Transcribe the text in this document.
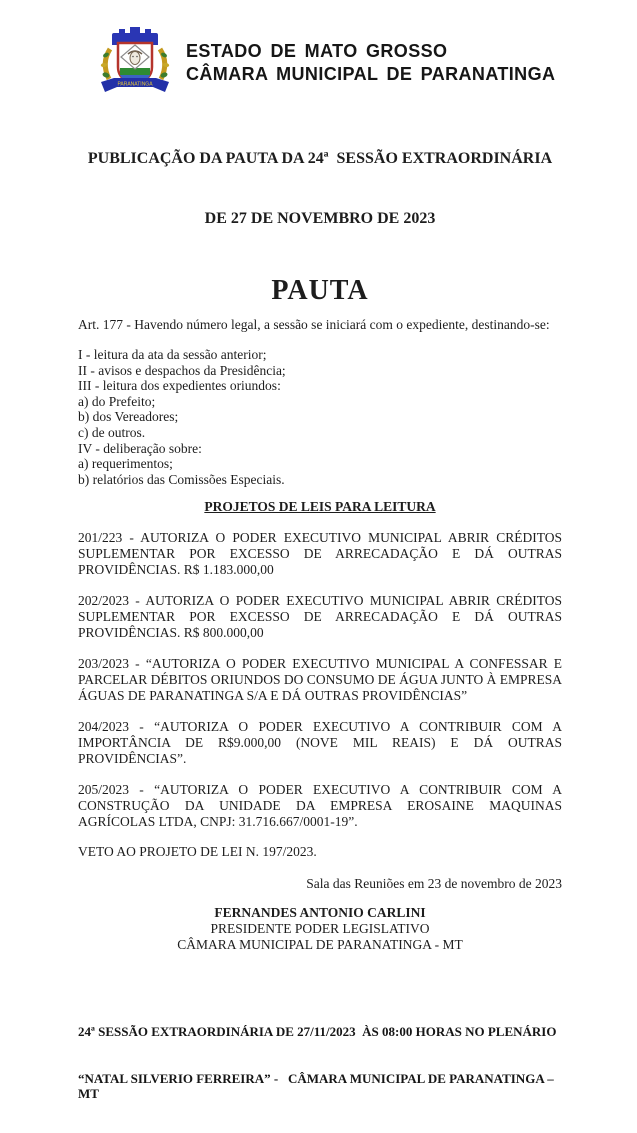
PARANATINGA
ESTADO DE MATO GROSSO
CÂMARA MUNICIPAL DE PARANATINGA

PUBLICAÇÃO DA PAUTA DA 24ª  SESSÃO EXTRAORDINÁRIA

DE 27 DE NOVEMBRO DE 2023

PAUTA

Art. 177 - Havendo número legal, a sessão se iniciará com o expediente, destinando-se:

I - leitura da ata da sessão anterior;
II - avisos e despachos da Presidência;
III - leitura dos expedientes oriundos:
a) do Prefeito;
b) dos Vereadores;
c) de outros.
IV - deliberação sobre:
a) requerimentos;
b) relatórios das Comissões Especiais.
PROJETOS DE LEIS PARA LEITURA

201/223 - AUTORIZA O PODER EXECUTIVO MUNICIPAL ABRIR CRÉDITOS SUPLEMENTAR POR EXCESSO DE ARRECADAÇÃO E DÁ OUTRAS PROVIDÊNCIAS. R$ 1.183.000,00

202/2023 - AUTORIZA O PODER EXECUTIVO MUNICIPAL ABRIR CRÉDITOS SUPLEMENTAR POR EXCESSO DE ARRECADAÇÃO E DÁ OUTRAS PROVIDÊNCIAS. R$ 800.000,00

203/2023 - “AUTORIZA O PODER EXECUTIVO MUNICIPAL A CONFESSAR E PARCELAR DÉBITOS ORIUNDOS DO CONSUMO DE ÁGUA JUNTO À EMPRESA ÁGUAS DE PARANATINGA S/A E DÁ OUTRAS PROVIDÊNCIAS”

204/2023 - “AUTORIZA O PODER EXECUTIVO A CONTRIBUIR COM A IMPORTÂNCIA DE R$9.000,00 (NOVE MIL REAIS) E DÁ OUTRAS PROVIDÊNCIAS”.

205/2023 - “AUTORIZA O PODER EXECUTIVO A CONTRIBUIR COM A CONSTRUÇÃO DA UNIDADE DA EMPRESA EROSAINE MAQUINAS AGRÍCOLAS LTDA, CNPJ: 31.716.667/0001-19”.

VETO AO PROJETO DE LEI N. 197/2023.

Sala das Reuniões em 23 de novembro de 2023
FERNANDES ANTONIO CARLINI
PRESIDENTE PODER LEGISLATIVO
CÂMARA MUNICIPAL DE PARANATINGA - MT

24ª SESSÃO EXTRAORDINÁRIA DE 27/11/2023  ÀS 08:00 HORAS NO PLENÁRIO

“NATAL SILVERIO FERREIRA” -   CÂMARA MUNICIPAL DE PARANATINGA – MT
